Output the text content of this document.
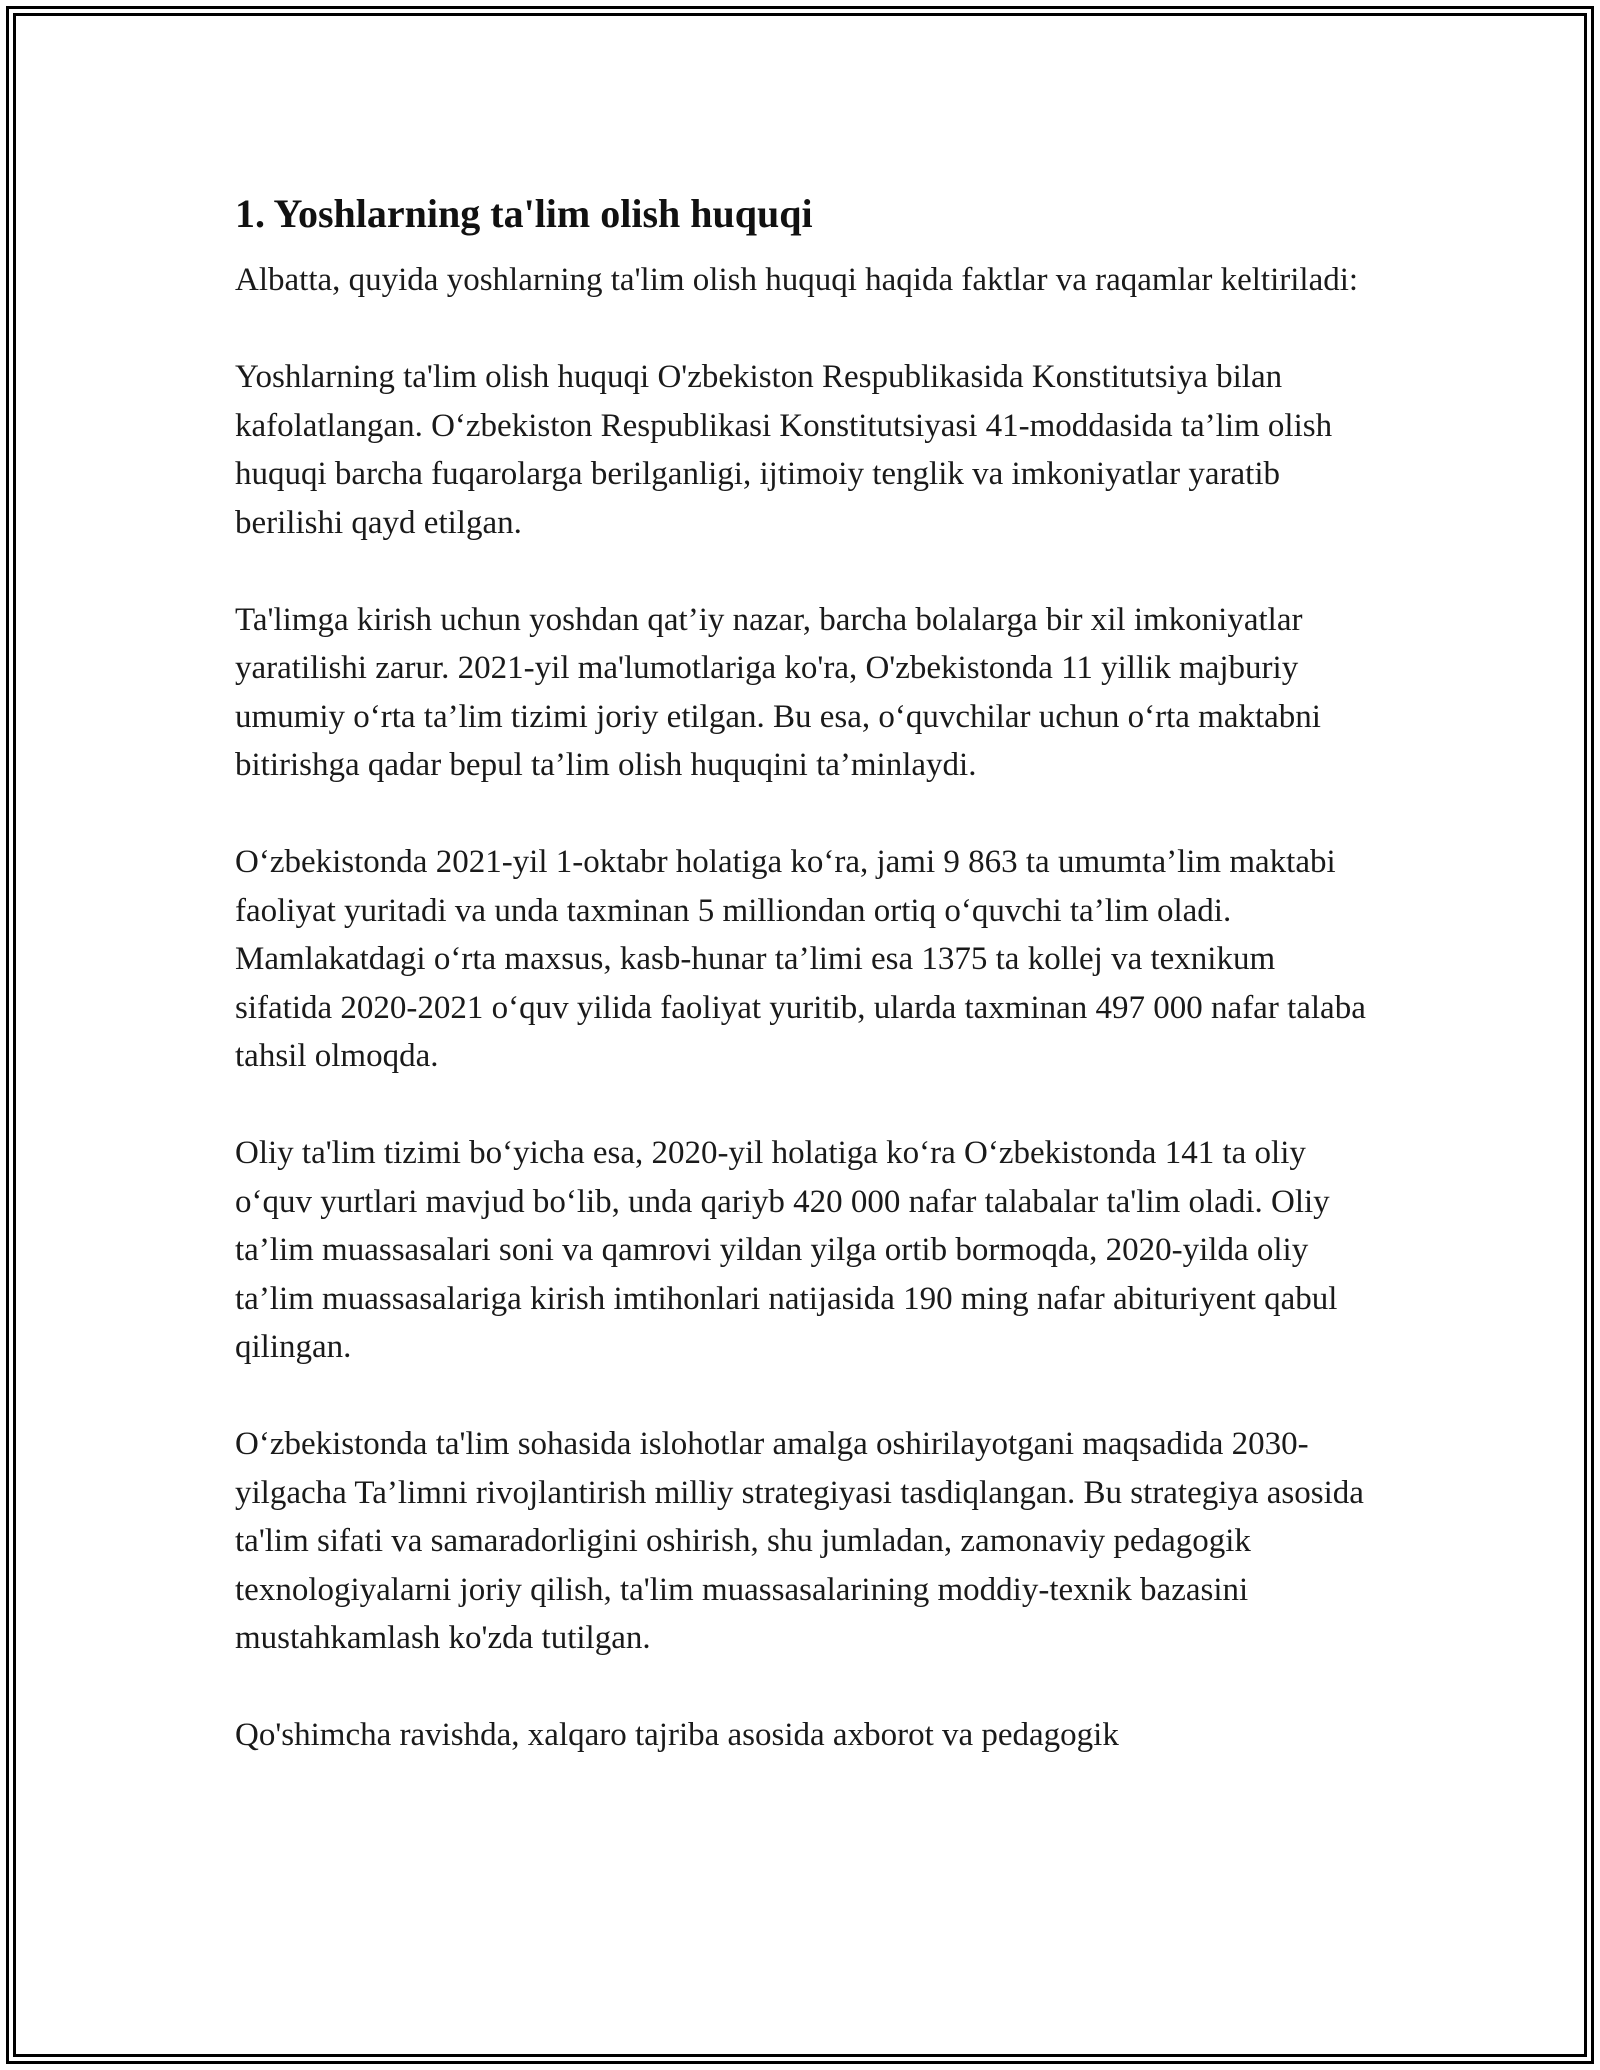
1. Yoshlarning ta'lim olish huquqi

Albatta, quyida yoshlarning ta'lim olish huquqi haqida faktlar va raqamlar keltiriladi:

Yoshlarning ta'lim olish huquqi O'zbekiston Respublikasida Konstitutsiya bilan kafolatlangan. O‘zbekiston Respublikasi Konstitutsiyasi 41-moddasida ta’lim olish huquqi barcha fuqarolarga berilganligi, ijtimoiy tenglik va imkoniyatlar yaratib berilishi qayd etilgan.

Ta'limga kirish uchun yoshdan qat’iy nazar, barcha bolalarga bir xil imkoniyatlar yaratilishi zarur. 2021-yil ma'lumotlariga ko'ra, O'zbekistonda 11 yillik majburiy umumiy o‘rta ta’lim tizimi joriy etilgan. Bu esa, o‘quvchilar uchun o‘rta maktabni bitirishga qadar bepul ta’lim olish huquqini ta’minlaydi.

O‘zbekistonda 2021-yil 1-oktabr holatiga ko‘ra, jami 9 863 ta umumta’lim maktabi faoliyat yuritadi va unda taxminan 5 milliondan ortiq o‘quvchi ta’lim oladi. Mamlakatdagi o‘rta maxsus, kasb-hunar ta’limi esa 1375 ta kollej va texnikum sifatida 2020-2021 o‘quv yilida faoliyat yuritib, ularda taxminan 497 000 nafar talaba tahsil olmoqda.

Oliy ta'lim tizimi bo‘yicha esa, 2020-yil holatiga ko‘ra O‘zbekistonda 141 ta oliy o‘quv yurtlari mavjud bo‘lib, unda qariyb 420 000 nafar talabalar ta'lim oladi. Oliy ta’lim muassasalari soni va qamrovi yildan yilga ortib bormoqda, 2020-yilda oliy ta’lim muassasalariga kirish imtihonlari natijasida 190 ming nafar abituriyent qabul qilingan.

O‘zbekistonda ta'lim sohasida islohotlar amalga oshirilayotgani maqsadida 2030-yilgacha Ta’limni rivojlantirish milliy strategiyasi tasdiqlangan. Bu strategiya asosida ta'lim sifati va samaradorligini oshirish, shu jumladan, zamonaviy pedagogik texnologiyalarni joriy qilish, ta'lim muassasalarining moddiy-texnik bazasini mustahkamlash ko'zda tutilgan.

Qo'shimcha ravishda, xalqaro tajriba asosida axborot va pedagogik
